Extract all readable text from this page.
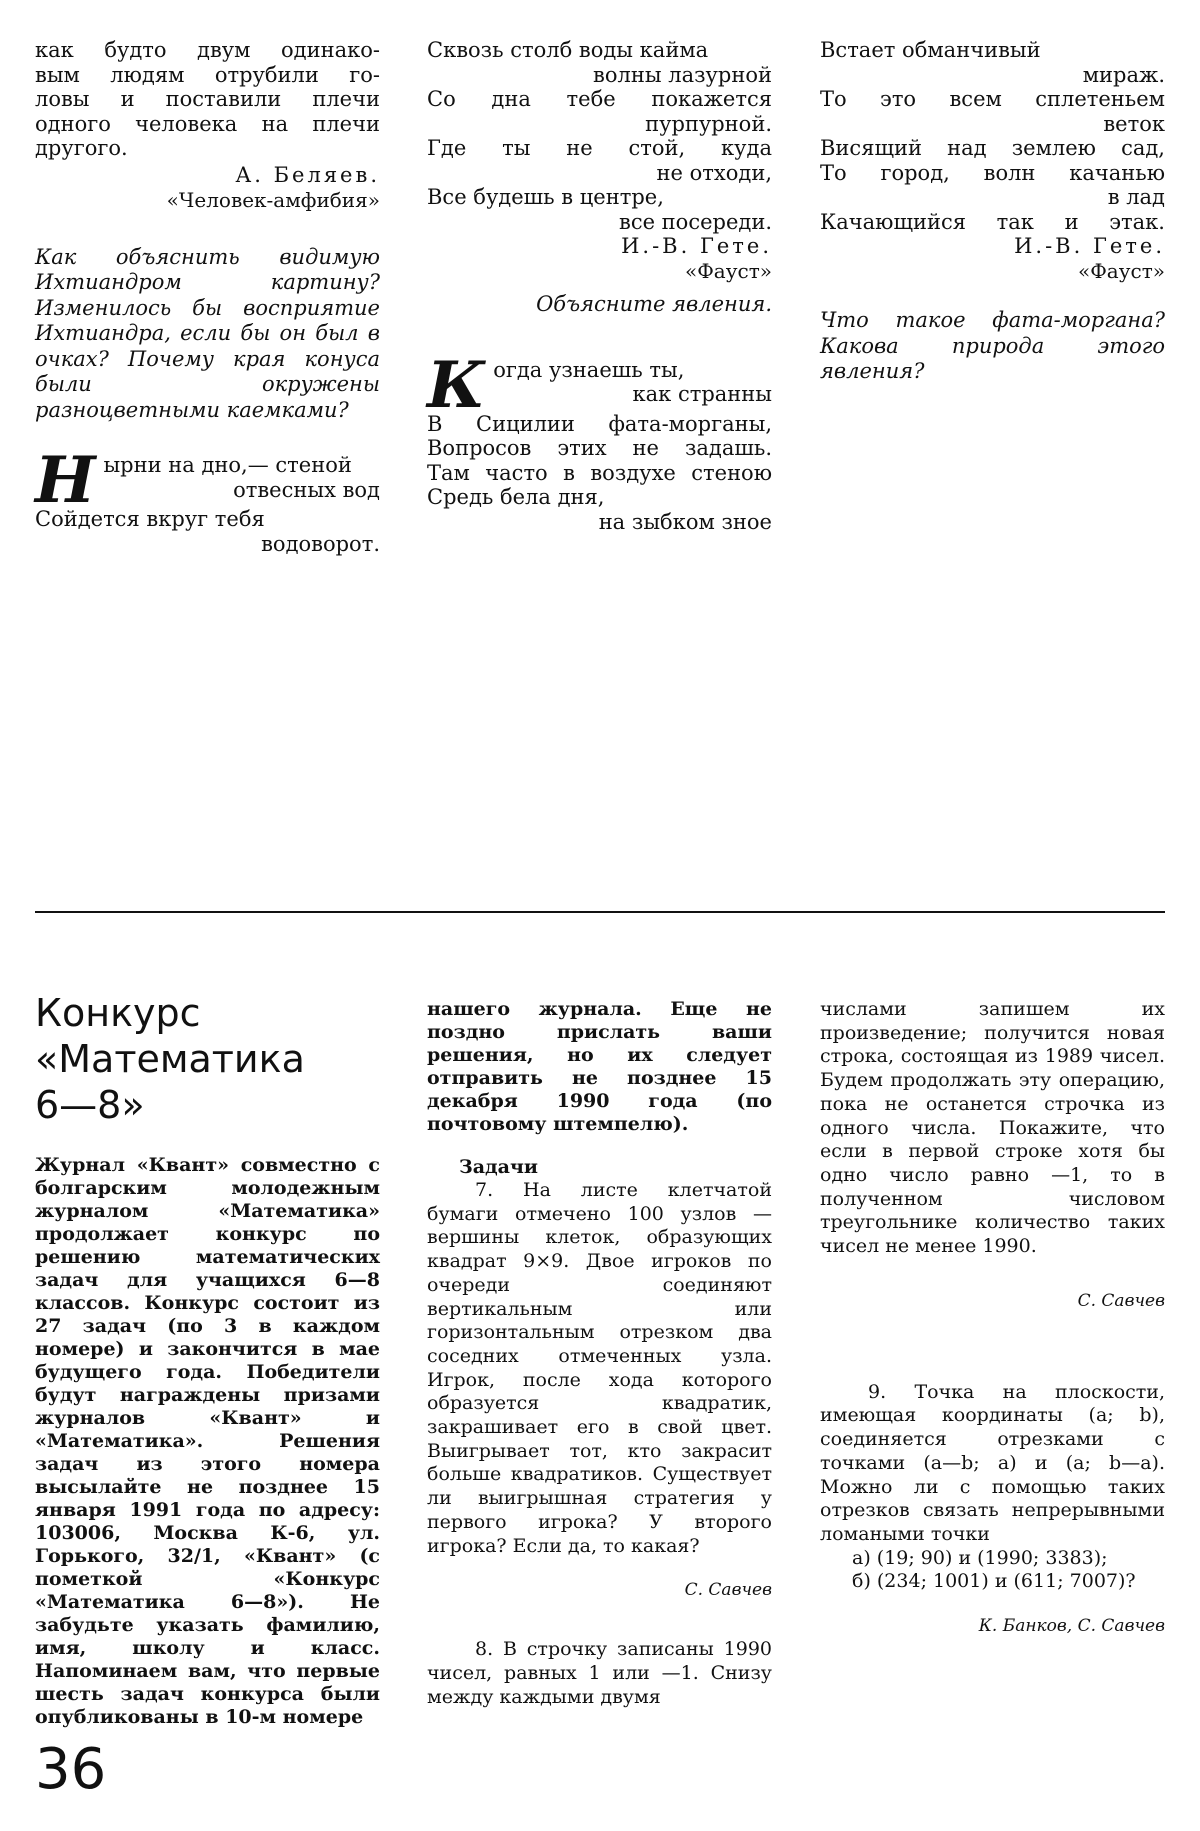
как будто двум одинако-

вым людям отрубили го-

ловы и поставили плечи

одного человека на плечи

другого.

А. Беляев.

«Человек-амфибия»

Как объяснить видимую Ихтиандром картину? Изменилось бы восприятие Ихтиандра, если бы он был в очках? Почему края конуса были окружены разноцветными каемками?

Н ырни на дно,— стеной

отвесных вод

Сойдется вкруг тебя

водоворот.

Сквозь столб воды кайма

волны лазурной

Со дна тебе покажется

пурпурной.

Где ты не стой, куда

не отходи,

Все будешь в центре,

все посереди.

И.-В. Гете.

«Фауст»

Объясните явления.

К огда узнаешь ты,

как странны

В Сицилии фата-морганы,

Вопросов этих не задашь.

Там часто в воздухе стеною

Средь бела дня,

на зыбком зное

Встает обманчивый

мираж.

То это всем сплетеньем

веток

Висящий над землею сад,

То город, волн качанью

в лад

Качающийся так и этак.

И.-В. Гете.

«Фауст»

Что такое фата-моргана? Какова природа этого явления?

Конкурс
«Математика
6—8»

Журнал «Квант» совместно с болгарским молодежным журналом «Математика» продолжает конкурс по решению математических задач для учащихся 6—8 классов. Конкурс состоит из 27 задач (по 3 в каждом номере) и закончится в мае будущего года. Победители будут награждены призами журналов «Квант» и «Математика». Решения задач из этого номера высылайте не позднее 15 января 1991 года по адресу: 103006, Москва К-6, ул. Горького, 32/1, «Квант» (с пометкой «Конкурс «Математика 6—8»). Не забудьте указать фамилию, имя, школу и класс. Напоминаем вам, что первые шесть задач конкурса были опубликованы в 10-м номере

нашего журнала. Еще не поздно прислать ваши решения, но их следует отправить не позднее 15 декабря 1990 года (по почтовому штемпелю).

Задачи

7. На листе клетчатой бумаги отмечено 100 узлов — вершины клеток, образующих квадрат 9×9. Двое игроков по очереди соединяют вертикальным или горизонтальным отрезком два соседних отмеченных узла. Игрок, после хода которого образуется квадратик, закрашивает его в свой цвет. Выигрывает тот, кто закрасит больше квадратиков. Существует ли выигрышная стратегия у первого игрока? У второго игрока? Если да, то какая?

С. Савчев

8. В строчку записаны 1990 чисел, равных 1 или —1. Снизу между каждыми двумя

числами запишем их произведение; получится новая строка, состоящая из 1989 чисел. Будем продолжать эту операцию, пока не останется строчка из одного числа. Покажите, что если в первой строке хотя бы одно число равно —1, то в полученном числовом треугольнике количество таких чисел не менее 1990.

С. Савчев

9. Точка на плоскости, имеющая координаты (a; b), соединяется отрезками с точками (a—b; a) и (a; b—a). Можно ли с помощью таких отрезков связать непрерывными ломаными точки

а) (19; 90) и (1990; 3383);

б) (234; 1001) и (611; 7007)?

К. Банков, С. Савчев

36
